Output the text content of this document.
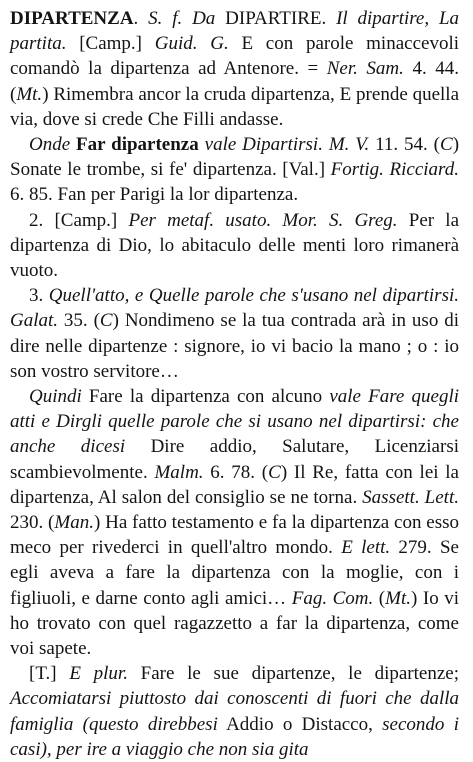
DIPARTENZA. S. f. Da DIPARTIRE. Il dipartire, La partita. [Camp.] Guid. G. E con parole minaccevoli comandò la dipartenza ad Antenore. = Ner. Sam. 4. 44. (Mt.) Rimembra ancor la cruda dipartenza, E prende quella via, dove si crede Che Filli andasse.

Onde Far dipartenza vale Dipartirsi. M. V. 11. 54. (C) Sonate le trombe, si fe' dipartenza. [Val.] Fortig. Ricciard. 6. 85. Fan per Parigi la lor dipartenza.

2. [Camp.] Per metaf. usato. Mor. S. Greg. Per la dipartenza di Dio, lo abitaculo delle menti loro rimanerà vuoto.

3. Quell'atto, e Quelle parole che s'usano nel dipartirsi. Galat. 35. (C) Nondimeno se la tua contrada arà in uso di dire nelle dipartenze : signore, io vi bacio la mano ; o : io son vostro servitore…

Quindi Fare la dipartenza con alcuno vale Fare quegli atti e Dirgli quelle parole che si usano nel dipartirsi: che anche dicesi Dire addio, Salutare, Licenziarsi scambievolmente. Malm. 6. 78. (C) Il Re, fatta con lei la dipartenza, Al salon del consiglio se ne torna. Sassett. Lett. 230. (Man.) Ha fatto testamento e fa la dipartenza con esso meco per rivederci in quell'altro mondo. E lett. 279. Se egli aveva a fare la dipartenza con la moglie, con i figliuoli, e darne conto agli amici… Fag. Com. (Mt.) Io vi ho trovato con quel ragazzetto a far la dipartenza, come voi sapete.

[T.] E plur. Fare le sue dipartenze, le dipartenze; Accomiatarsi piuttosto dai conoscenti di fuori che dalla famiglia (questo direbbesi Addio o Distacco, secondo i casi), per ire a viaggio che non sia gita
